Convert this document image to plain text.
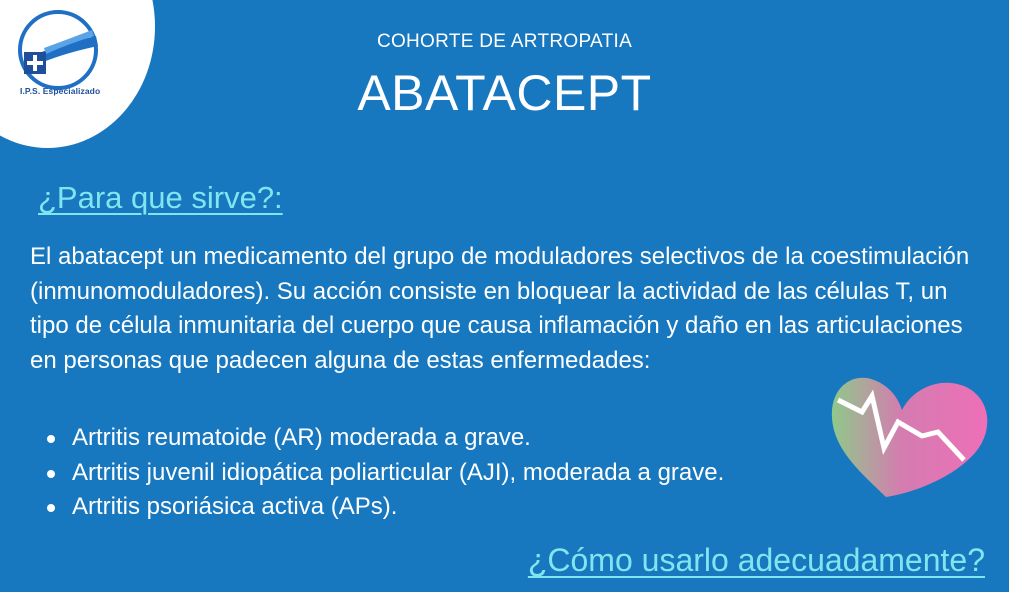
I.P.S. Especializado
COHORTE DE ARTROPATIA
ABATACEPT
¿Para que sirve?:

El abatacept un medicamento del grupo de moduladores selectivos de la coestimulación (inmunomoduladores). Su acción consiste en bloquear la actividad de las células T, un tipo de célula inmunitaria del cuerpo que causa inflamación y daño en las articulaciones en personas que padecen alguna de estas enfermedades:

Artritis reumatoide (AR) moderada a grave.
Artritis juvenil idiopática poliarticular (AJI), moderada a grave.
Artritis psoriásica activa (APs).
¿Cómo usarlo adecuadamente?
